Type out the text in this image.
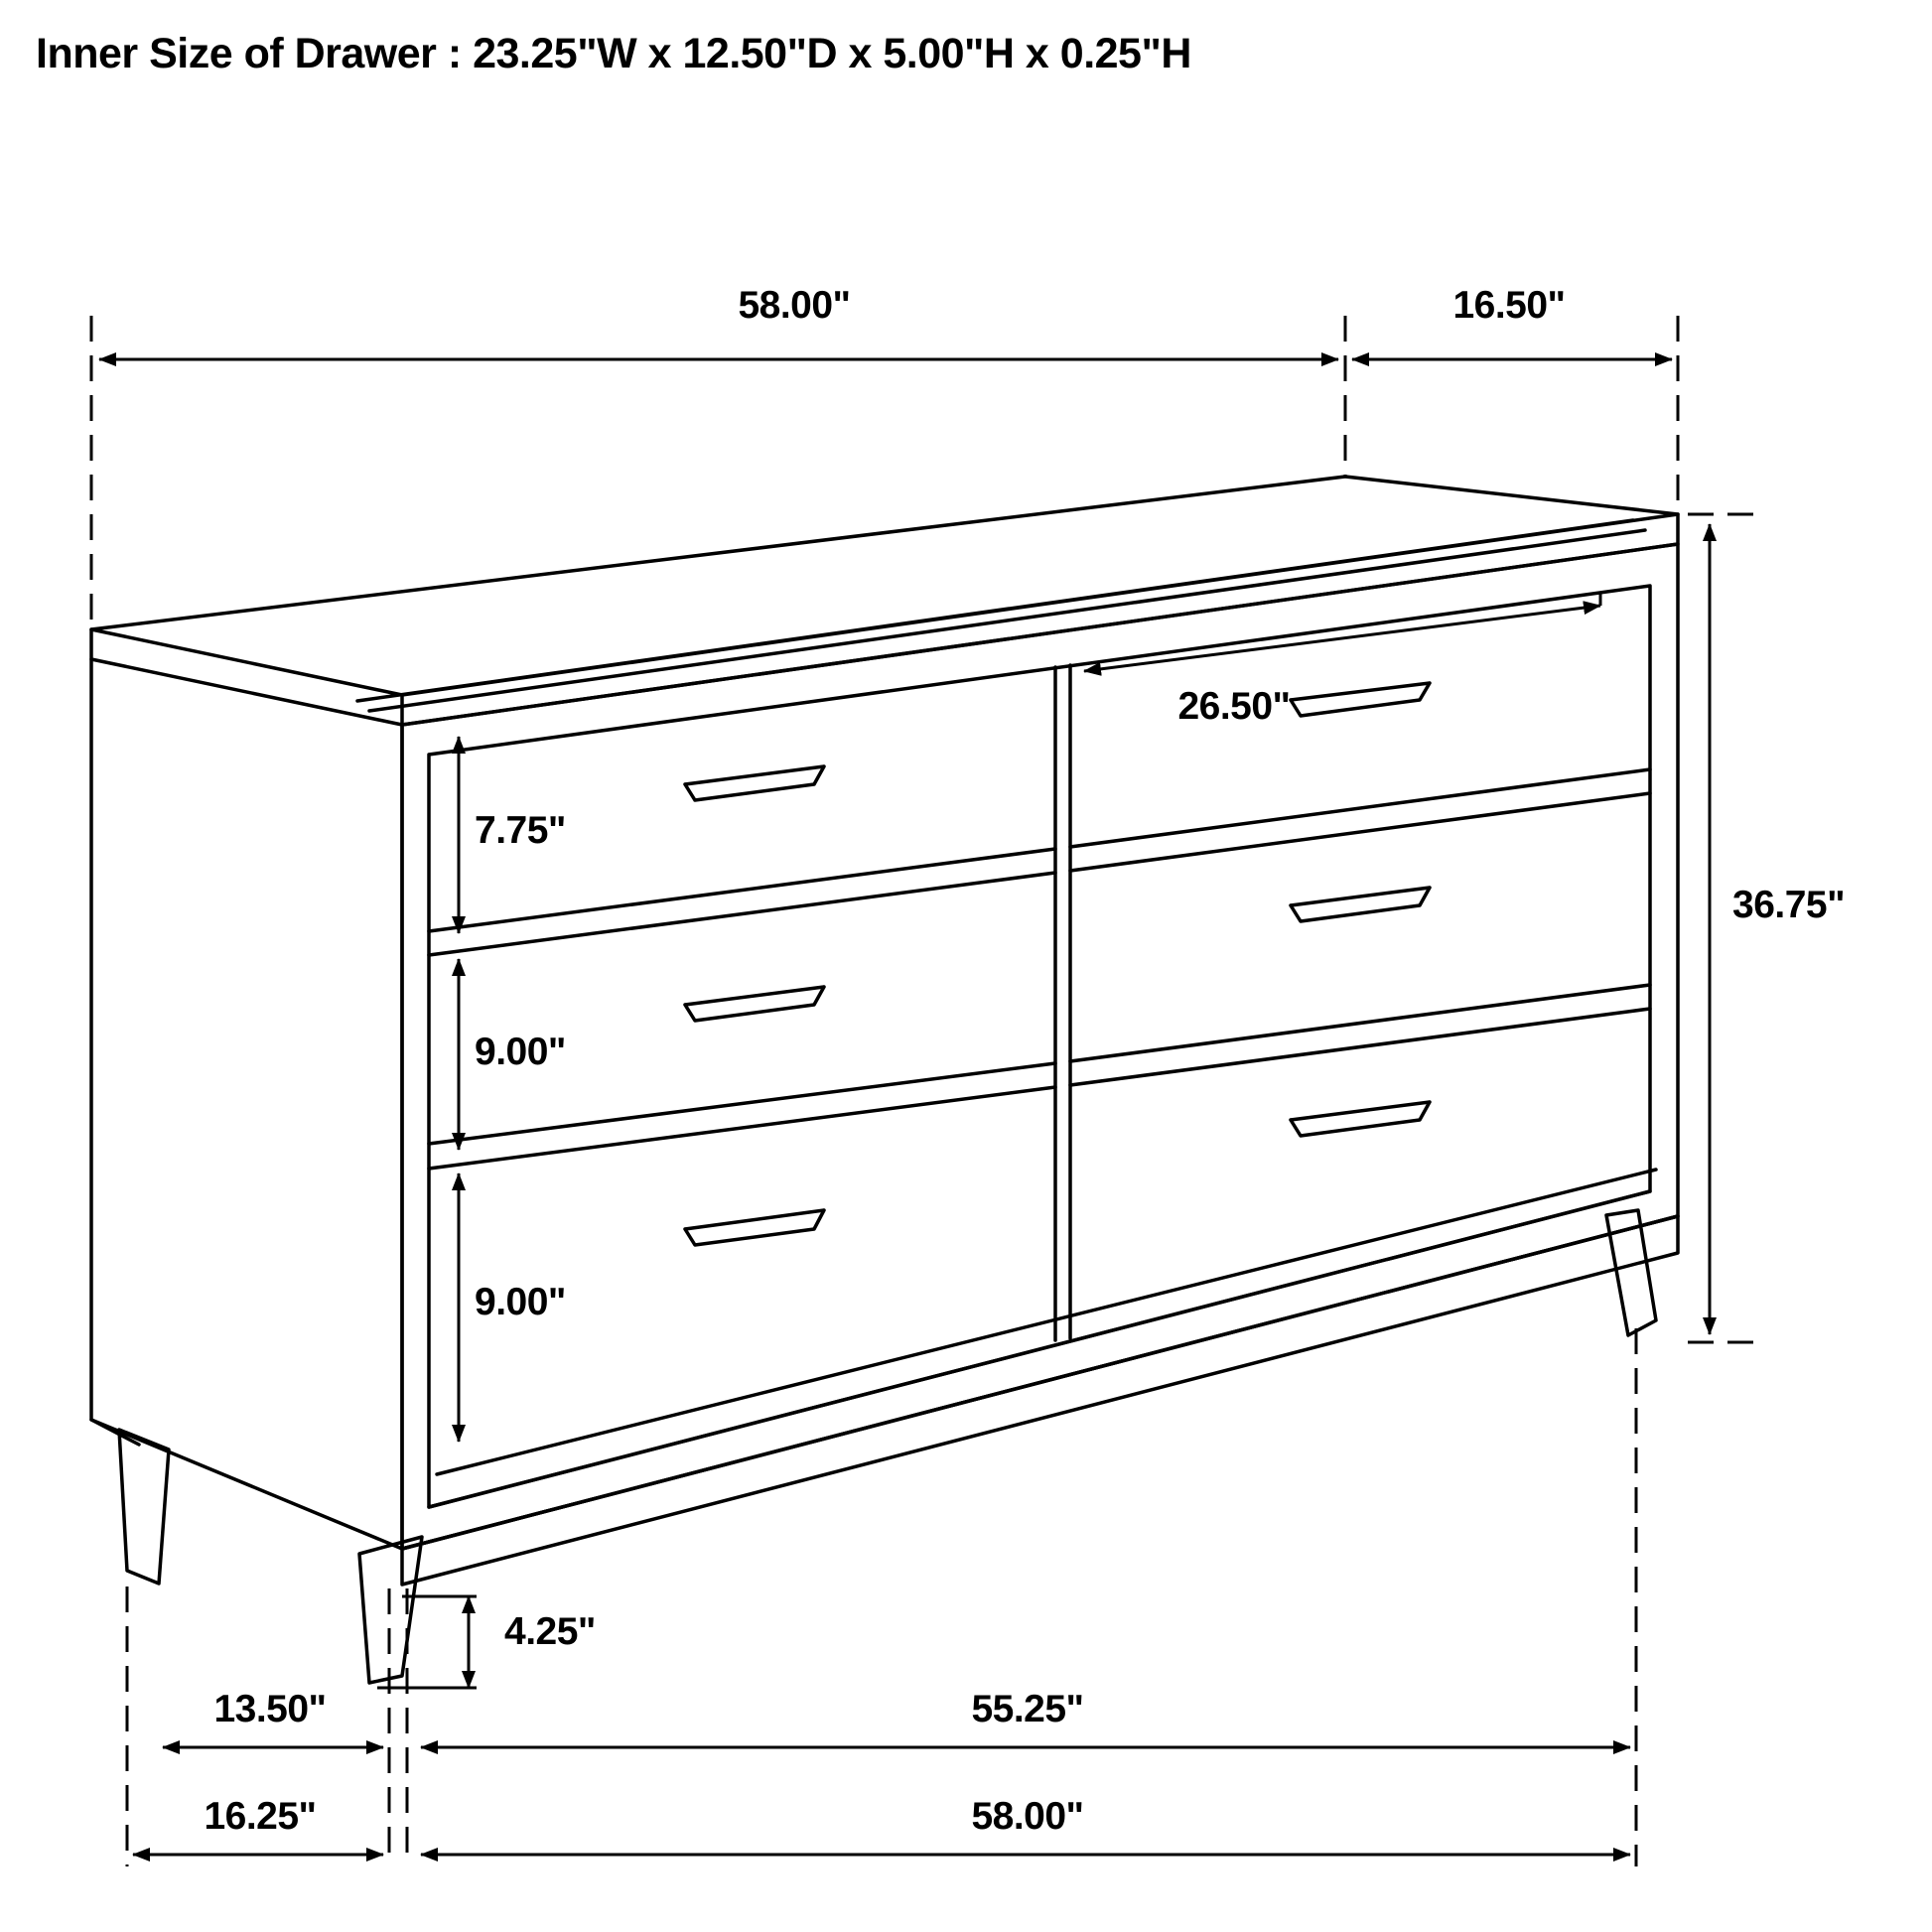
Inner Size of Drawer : 23.25"W x 12.50"D x 5.00"H x 0.25"H
58.00"	16.50"
26.50"
7.75"
9.00"
9.00"
36.75"
4.25"
13.50"	55.25"
16.25"	58.00"
